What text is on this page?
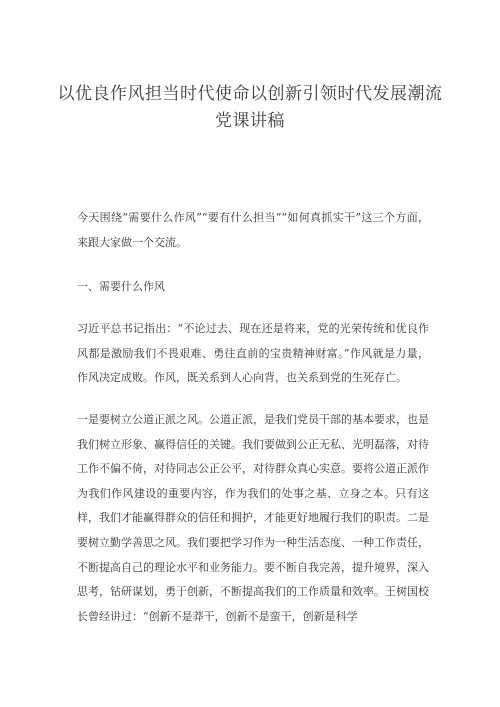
以优良作风担当时代使命以创新引领时代发展潮流
党课讲稿

今天围绕“需要什么作风”“要有什么担当”“如何真抓实干”这三个方面，来跟大家做一个交流。

一、需要什么作风

习近平总书记指出：“不论过去、现在还是将来，党的光荣传统和优良作风都是激励我们不畏艰难、勇往直前的宝贵精神财富。”作风就是力量，作风决定成败。作风，既关系到人心向背，也关系到党的生死存亡。

一是要树立公道正派之风。公道正派，是我们党员干部的基本要求，也是我们树立形象、赢得信任的关键。我们要做到公正无私、光明磊落，对待工作不偏不倚，对待同志公正公平，对待群众真心实意。要将公道正派作为我们作风建设的重要内容，作为我们的处事之基、立身之本。只有这样，我们才能赢得群众的信任和拥护，才能更好地履行我们的职责。二是要树立勤学善思之风。我们要把学习作为一种生活态度、一种工作责任，不断提高自己的理论水平和业务能力。要不断自我完善，提升境界，深入思考，钻研谋划，勇于创新，不断提高我们的工作质量和效率。王树国校长曾经讲过：“创新不是莽干，创新不是蛮干，创新是科学
